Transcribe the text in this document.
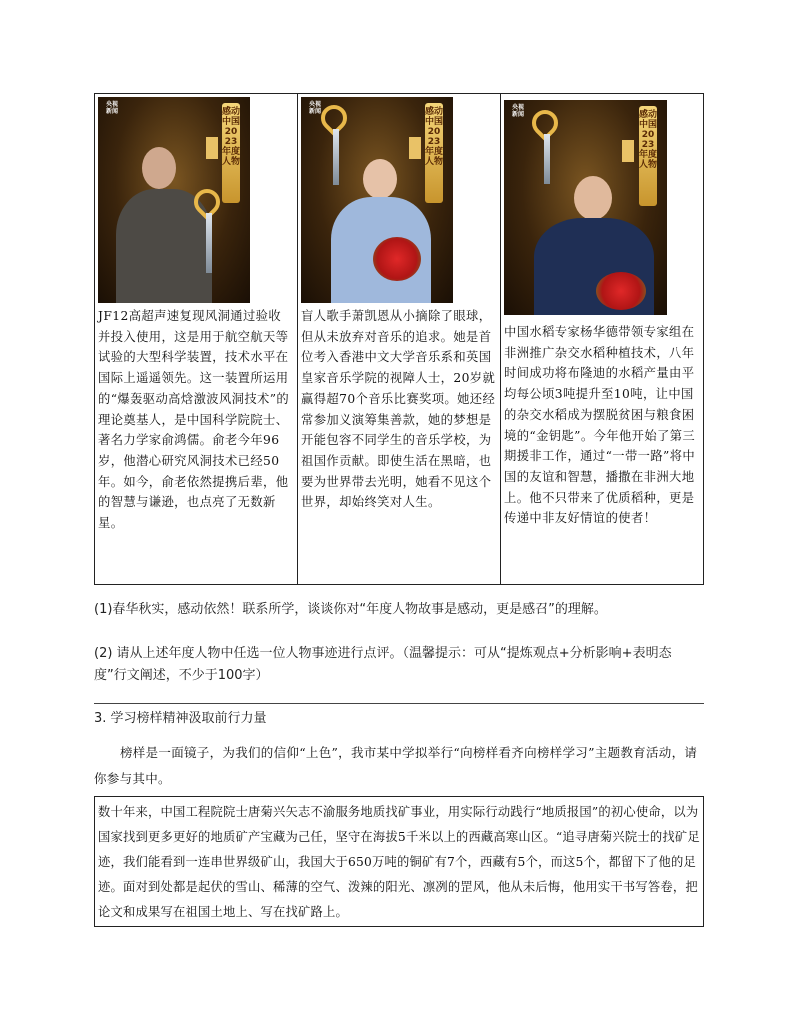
央视
新闻	感动中国2023年度人物
JF12高超声速复现风洞通过验收并投入使用，这是用于航空航天等试验的大型科学装置，技术水平在国际上遥遥领先。这一装置所运用的“爆轰驱动高焓激波风洞技术”的理论奠基人，是中国科学院院士、著名力学家俞鸿儒。俞老今年96岁，他潜心研究风洞技术已经50年。如今，俞老依然提携后辈，他的智慧与谦逊，也点亮了无数新星。
央视
新闻	感动中国2023年度人物
盲人歌手萧凯恩从小摘除了眼球，但从未放弃对音乐的追求。她是首位考入香港中文大学音乐系和英国皇家音乐学院的视障人士，20岁就赢得超70个音乐比赛奖项。她还经常参加义演筹集善款，她的梦想是开能包容不同学生的音乐学校，为祖国作贡献。即使生活在黑暗，也要为世界带去光明，她看不见这个世界，却始终笑对人生。
央视
新闻	感动中国2023年度人物
中国水稻专家杨华德带领专家组在非洲推广杂交水稻种植技术，八年时间成功将布隆迪的水稻产量由平均每公顷3吨提升至10吨，让中国的杂交水稻成为摆脱贫困与粮食困境的“金钥匙”。今年他开始了第三期援非工作，通过“一带一路”将中国的友谊和智慧，播撒在非洲大地上。他不只带来了优质稻种，更是传递中非友好情谊的使者！
(1)春华秋实，感动依然！联系所学，谈谈你对“年度人物故事是感动，更是感召”的理解。
(2) 请从上述年度人物中任选一位人物事迹进行点评。（温馨提示：可从“提炼观点+分析影响+表明态度”行文阐述，不少于100字）
3. 学习榜样精神汲取前行力量
榜样是一面镜子，为我们的信仰“上色”，我市某中学拟举行“向榜样看齐向榜样学习”主题教育活动，请你参与其中。
数十年来，中国工程院院士唐菊兴矢志不渝服务地质找矿事业，用实际行动践行“地质报国”的初心使命，以为国家找到更多更好的地质矿产宝藏为己任，坚守在海拔5千米以上的西藏高寒山区。“追寻唐菊兴院士的找矿足迹，我们能看到一连串世界级矿山，我国大于650万吨的铜矿有7个，西藏有5个，而这5个，都留下了他的足迹。面对到处都是起伏的雪山、稀薄的空气、泼辣的阳光、凛冽的罡风，他从未后悔，他用实干书写答卷，把论文和成果写在祖国土地上、写在找矿路上。
